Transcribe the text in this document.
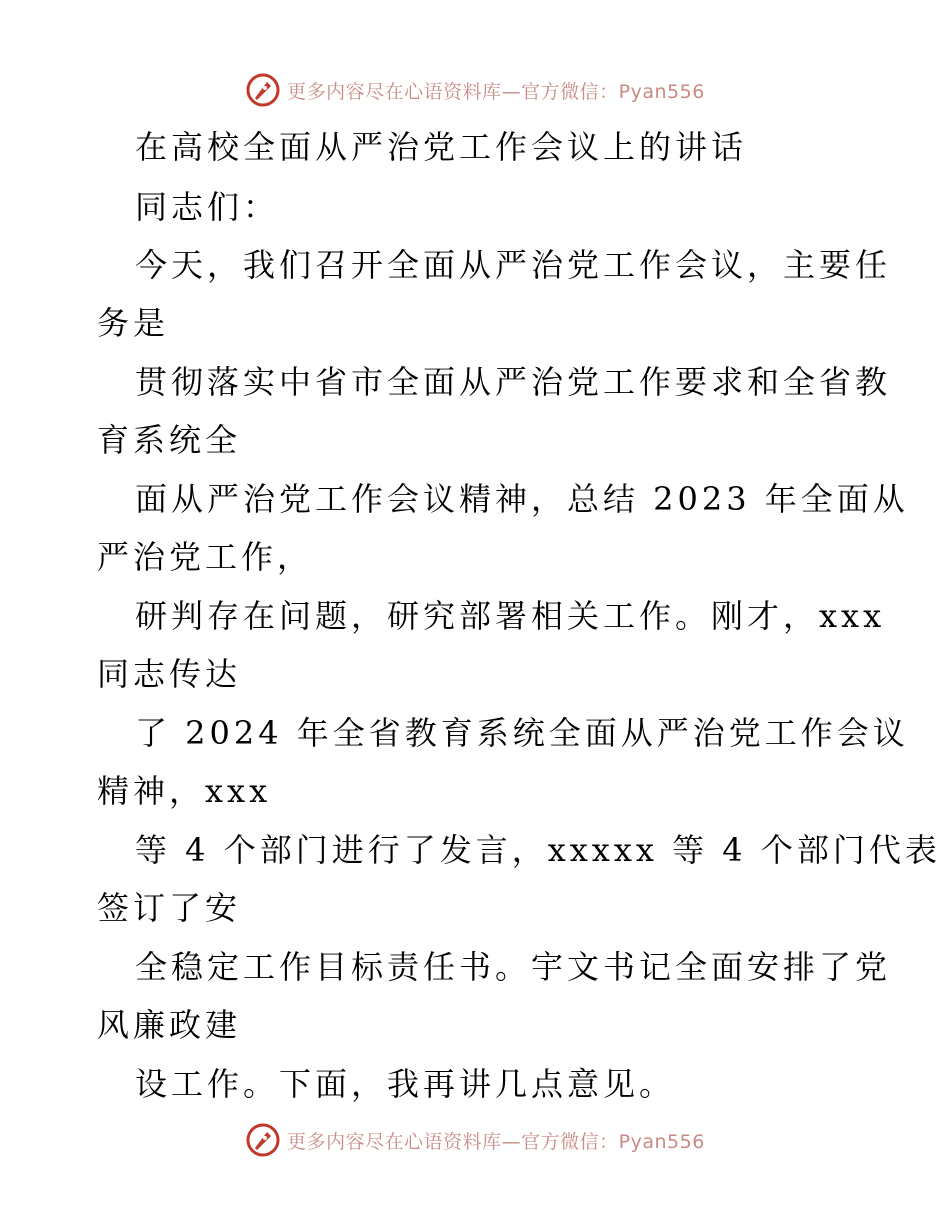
更多内容尽在心语资料库—官方微信：Pyan556
在高校全面从严治党工作会议上的讲话
同志们：
今天，我们召开全面从严治党工作会议，主要任
务是
贯彻落实中省市全面从严治党工作要求和全省教
育系统全
面从严治党工作会议精神，总结 2023 年全面从
严治党工作，
研判存在问题，研究部署相关工作。刚才，xxx
同志传达
了 2024 年全省教育系统全面从严治党工作会议
精神，xxx
等 4 个部门进行了发言，xxxxx 等 4 个部门代表
签订了安
全稳定工作目标责任书。宇文书记全面安排了党
风廉政建
设工作。下面，我再讲几点意见。
更多内容尽在心语资料库—官方微信：Pyan556
